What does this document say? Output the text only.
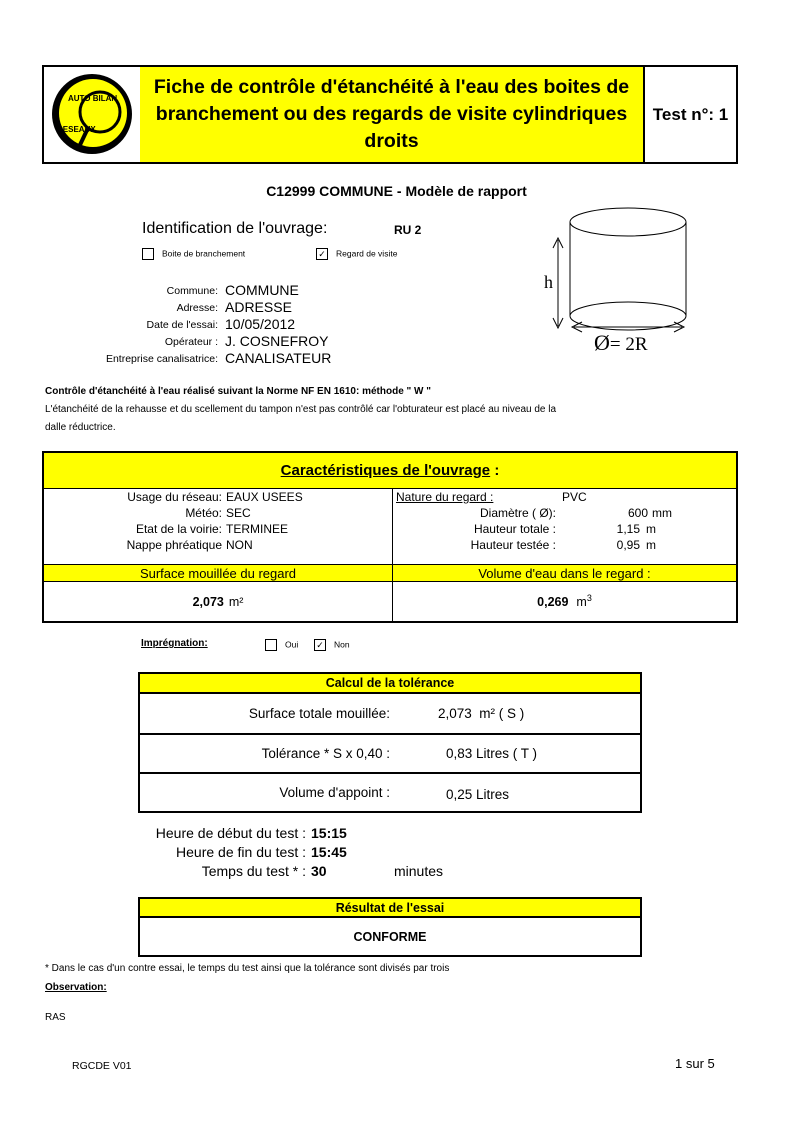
AUTO BILAN
RESEAUX
Fiche de contrôle d'étanchéité à l'eau des boites de branchement ou des regards de visite cylindriques droits
Test n°: 1
C12999 COMMUNE - Modèle de rapport
Identification de l'ouvrage:	RU 2
Boite de branchement	✓ Regard de visite
Commune: COMMUNE
Adresse: ADRESSE
Date de l'essai: 10/05/2012
Opérateur : J. COSNEFROY
Entreprise canalisatrice: CANALISATEUR
h
Ø= 2R
Contrôle d'étanchéité à l'eau réalisé suivant la Norme NF EN 1610: méthode " W "
L'étanchéité de la rehausse et du scellement du tampon n'est pas contrôlé car l'obturateur est placé au niveau de la
dalle réductrice.
Caractéristiques de l'ouvrage :
Usage du réseau: EAUX USEES
Météo: SEC
Etat de la voirie: TERMINEE
Nappe phréatique NON
Nature du regard :	PVC
Diamètre ( Ø):	600 mm
Hauteur totale :	1,15 m
Hauteur testée :	0,95 m
Surface mouillée du regard	Volume d'eau dans le regard :
2,073 m²	0,269 $m^3$
Imprégnation:	Oui ✓ Non
Calcul de la tolérance
Surface totale mouillée:	2,073  m² ( S )
Tolérance * S x 0,40 :	0,83 Litres ( T )
Volume d'appoint :	0,25 Litres
Heure de début du test : 15:15
Heure de fin du test : 15:45
Temps du test * : 30	minutes
Résultat de l'essai
CONFORME
* Dans le cas d'un contre essai, le temps du test ainsi que la tolérance sont divisés par trois
Observation:
RAS
RGCDE V01	1 sur 5
